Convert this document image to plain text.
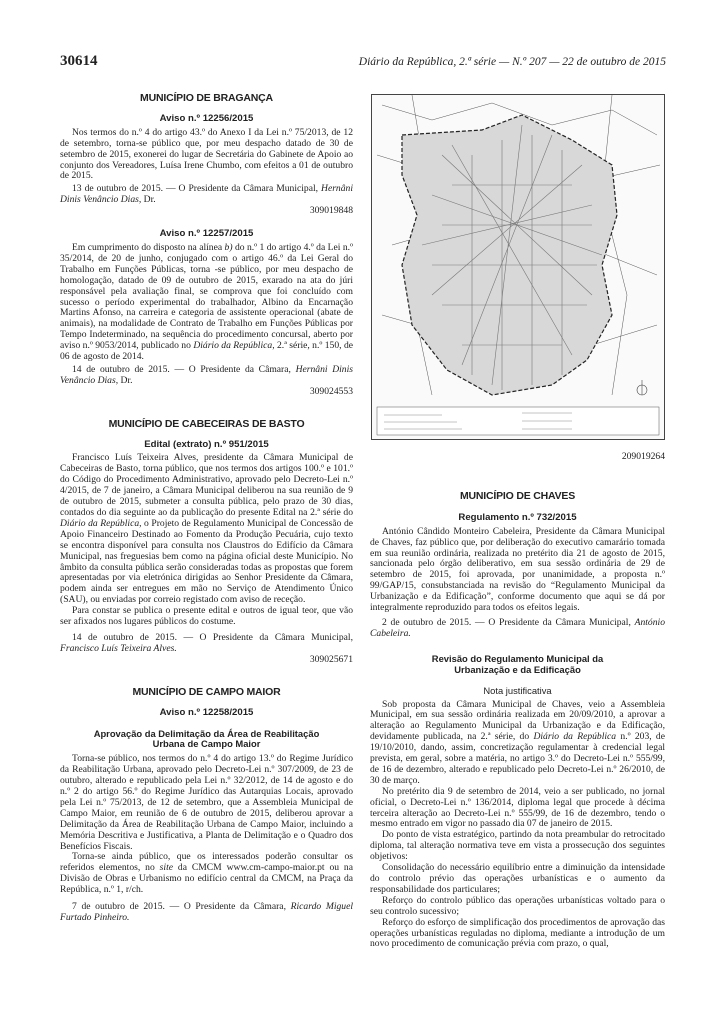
30614	Diário da República, 2.ª série — N.º 207 — 22 de outubro de 2015
MUNICÍPIO DE BRAGANÇA
Aviso n.º 12256/2015

Nos termos do n.º 4 do artigo 43.º do Anexo I da Lei n.º 75/2013, de 12 de setembro, torna-se público que, por meu despacho datado de 30 de setembro de 2015, exonerei do lugar de Secretária do Gabinete de Apoio ao conjunto dos Vereadores, Luísa Irene Chumbo, com efeitos a 01 de outubro de 2015.

13 de outubro de 2015. — O Presidente da Câmara Municipal, Hernâni Dinis Venâncio Dias, Dr.

309019848

Aviso n.º 12257/2015

Em cumprimento do disposto na alínea b) do n.º 1 do artigo 4.º da Lei n.º 35/2014, de 20 de junho, conjugado com o artigo 46.º da Lei Geral do Trabalho em Funções Públicas, torna -se público, por meu despacho de homologação, datado de 09 de outubro de 2015, exarado na ata do júri responsável pela avaliação final, se comprova que foi concluído com sucesso o período experimental do trabalhador, Albino da Encarnação Martins Afonso, na carreira e categoria de assistente operacional (abate de animais), na modalidade de Contrato de Trabalho em Funções Públicas por Tempo Indeterminado, na sequência do procedimento concursal, aberto por aviso n.º 9053/2014, publicado no Diário da República, 2.ª série, n.º 150, de 06 de agosto de 2014.

14 de outubro de 2015. — O Presidente da Câmara, Hernâni Dinis Venâncio Dias, Dr.

309024553

MUNICÍPIO DE CABECEIRAS DE BASTO
Edital (extrato) n.º 951/2015

Francisco Luís Teixeira Alves, presidente da Câmara Municipal de Cabeceiras de Basto, torna público, que nos termos dos artigos 100.º e 101.º do Código do Procedimento Administrativo, aprovado pelo Decreto-Lei n.º 4/2015, de 7 de janeiro, a Câmara Municipal deliberou na sua reunião de 9 de outubro de 2015, submeter a consulta pública, pelo prazo de 30 dias, contados do dia seguinte ao da publicação do presente Edital na 2.ª série do Diário da República, o Projeto de Regulamento Municipal de Concessão de Apoio Financeiro Destinado ao Fomento da Produção Pecuária, cujo texto se encontra disponível para consulta nos Claustros do Edifício da Câmara Municipal, nas freguesias bem como na página oficial deste Município. No âmbito da consulta pública serão consideradas todas as propostas que forem apresentadas por via eletrónica dirigidas ao Senhor Presidente da Câmara, podem ainda ser entregues em mão no Serviço de Atendimento Único (SAU), ou enviadas por correio registado com aviso de receção.

Para constar se publica o presente edital e outros de igual teor, que vão ser afixados nos lugares públicos do costume.

14 de outubro de 2015. — O Presidente da Câmara Municipal, Francisco Luís Teixeira Alves.

309025671

MUNICÍPIO DE CAMPO MAIOR
Aviso n.º 12258/2015
Aprovação da Delimitação da Área de Reabilitação Urbana de Campo Maior

Torna-se público, nos termos do n.º 4 do artigo 13.º do Regime Jurídico da Reabilitação Urbana, aprovado pelo Decreto-Lei n.º 307/2009, de 23 de outubro, alterado e republicado pela Lei n.º 32/2012, de 14 de agosto e do n.º 2 do artigo 56.º do Regime Jurídico das Autarquias Locais, aprovado pela Lei n.º 75/2013, de 12 de setembro, que a Assembleia Municipal de Campo Maior, em reunião de 6 de outubro de 2015, deliberou aprovar a Delimitação da Área de Reabilitação Urbana de Campo Maior, incluindo a Memória Descritiva e Justificativa, a Planta de Delimitação e o Quadro dos Benefícios Fiscais.

Torna-se ainda público, que os interessados poderão consultar os referidos elementos, no site da CMCM www.cm-campo-maior.pt ou na Divisão de Obras e Urbanismo no edifício central da CMCM, na Praça da República, n.º 1, r/ch.

7 de outubro de 2015. — O Presidente da Câmara, Ricardo Miguel Furtado Pinheiro.

209019264

MUNICÍPIO DE CHAVES
Regulamento n.º 732/2015

António Cândido Monteiro Cabeleira, Presidente da Câmara Municipal de Chaves, faz público que, por deliberação do executivo camarário tomada em sua reunião ordinária, realizada no pretérito dia 21 de agosto de 2015, sancionada pelo órgão deliberativo, em sua sessão ordinária de 29 de setembro de 2015, foi aprovada, por unanimidade, a proposta n.º 99/GAP/15, consubstanciada na revisão do “Regulamento Municipal da Urbanização e da Edificação”, conforme documento que aqui se dá por integralmente reproduzido para todos os efeitos legais.

2 de outubro de 2015. — O Presidente da Câmara Municipal, António Cabeleira.

Revisão do Regulamento Municipal da Urbanização e da Edificação
Nota justificativa

Sob proposta da Câmara Municipal de Chaves, veio a Assembleia Municipal, em sua sessão ordinária realizada em 20/09/2010, a aprovar a alteração ao Regulamento Municipal da Urbanização e da Edificação, devidamente publicada, na 2.ª série, do Diário da República n.º 203, de 19/10/2010, dando, assim, concretização regulamentar à credencial legal prevista, em geral, sobre a matéria, no artigo 3.º do Decreto-Lei n.º 555/99, de 16 de dezembro, alterado e republicado pelo Decreto-Lei n.º 26/2010, de 30 de março.

No pretérito dia 9 de setembro de 2014, veio a ser publicado, no jornal oficial, o Decreto-Lei n.º 136/2014, diploma legal que procede à décima terceira alteração ao Decreto-Lei n.º 555/99, de 16 de dezembro, tendo o mesmo entrado em vigor no passado dia 07 de janeiro de 2015.

Do ponto de vista estratégico, partindo da nota preambular do retrocitado diploma, tal alteração normativa teve em vista a prossecução dos seguintes objetivos:

Consolidação do necessário equilíbrio entre a diminuição da intensidade do controlo prévio das operações urbanísticas e o aumento da responsabilidade dos particulares;

Reforço do controlo público das operações urbanísticas voltado para o seu controlo sucessivo;

Reforço do esforço de simplificação dos procedimentos de aprovação das operações urbanísticas reguladas no diploma, mediante a introdução de um novo procedimento de comunicação prévia com prazo, o qual,
